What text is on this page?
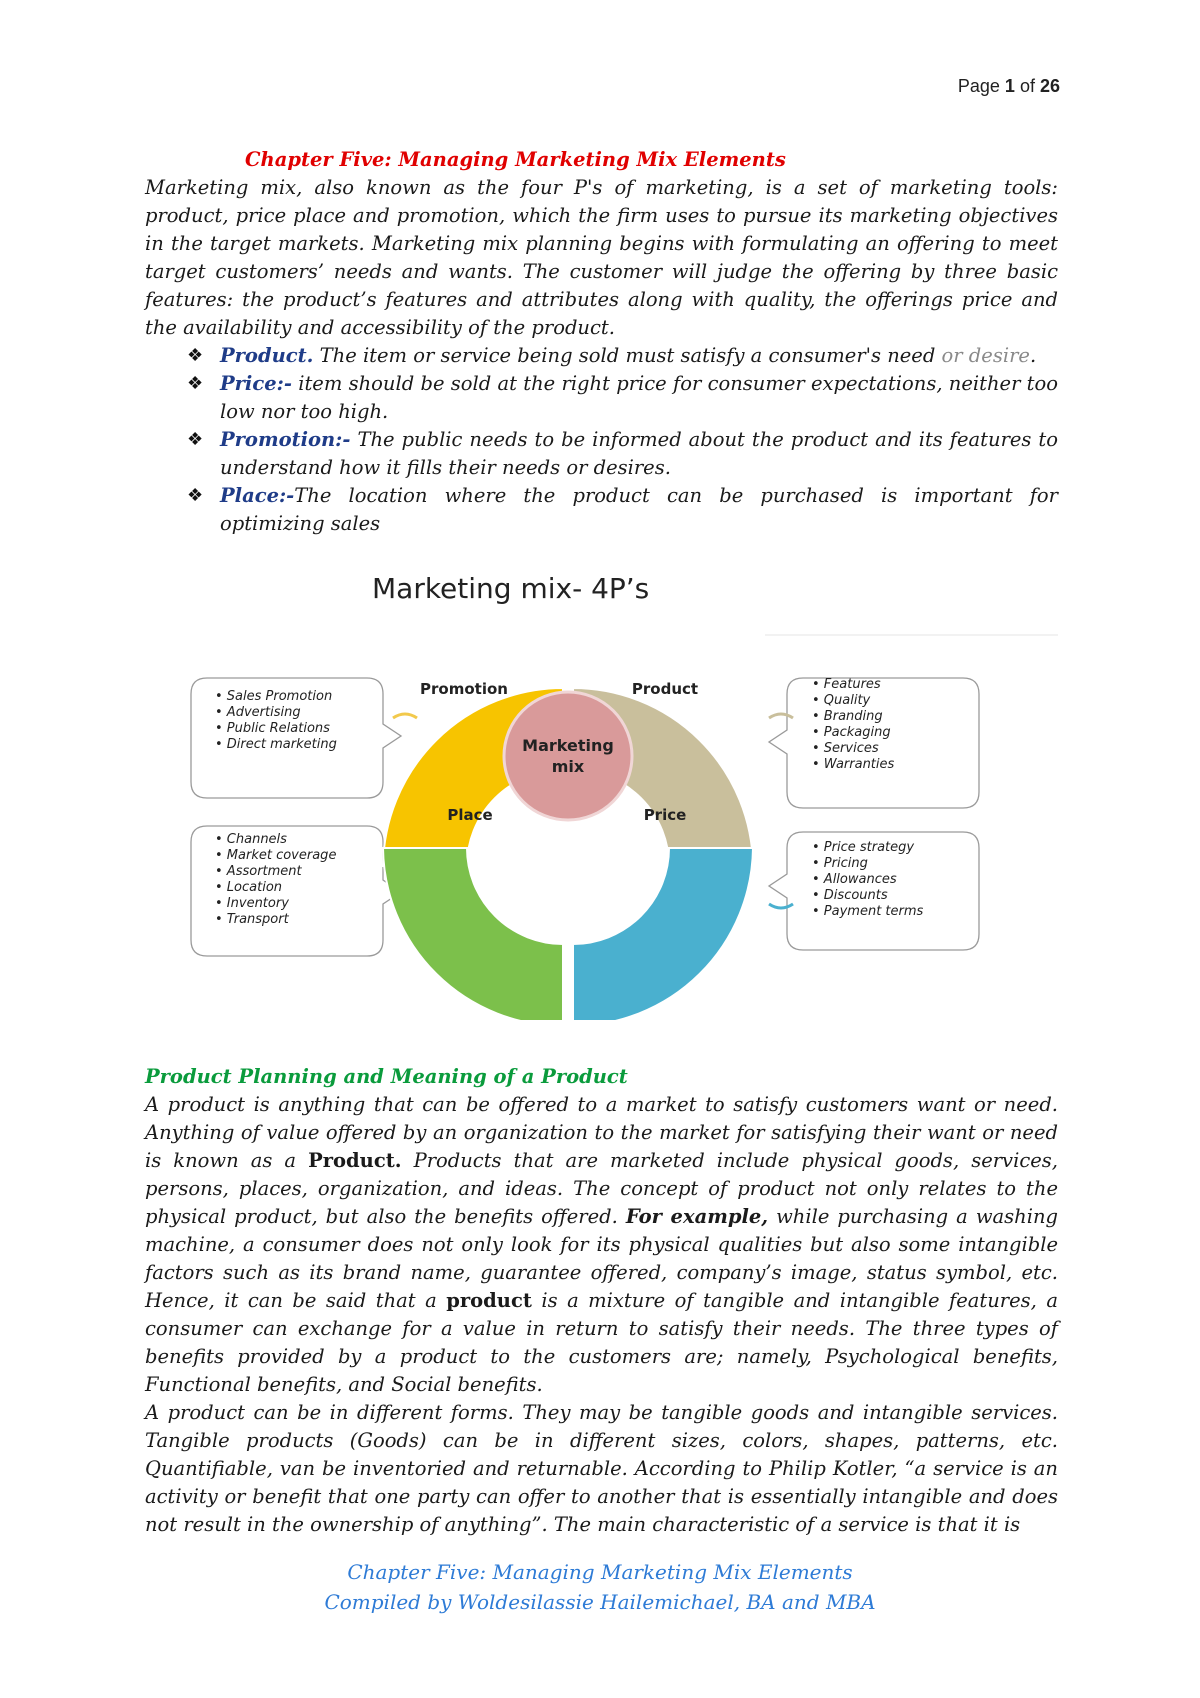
Page 1 of 26
Chapter Five: Managing Marketing Mix Elements

Marketing mix, also known as the four P's of marketing, is a set of marketing tools: product, price place and promotion, which the firm uses to pursue its marketing objectives in the target markets. Marketing mix planning begins with formulating an offering to meet target customers’ needs and wants. The customer will judge the offering by three basic features: the product’s features and attributes along with quality, the offerings price and the availability and accessibility of the product.

❖ Product. The item or service being sold must satisfy a consumer's need or desire.
❖ Price:- item should be sold at the right price for consumer expectations, neither too low nor too high.
❖ Promotion:- The public needs to be informed about the product and its features to understand how it fills their needs or desires.
❖ Place:-The location where the product can be purchased is important for optimizing sales
Marketing mix- 4P’s
Marketing
mix
Promotion	Product
Place	Price
• Sales Promotion
• Advertising
• Public Relations
• Direct marketing
• Features
• Quality
• Branding
• Packaging
• Services
• Warranties
• Channels
• Market coverage
• Assortment
• Location
• Inventory
• Transport
• Price strategy
• Pricing
• Allowances
• Discounts
• Payment terms
Product Planning and Meaning of a Product

A product is anything that can be offered to a market to satisfy customers want or need. Anything of value offered by an organization to the market for satisfying their want or need is known as a Product. Products that are marketed include physical goods, services, persons, places, organization, and ideas. The concept of product not only relates to the physical product, but also the benefits offered. For example, while purchasing a washing machine, a consumer does not only look for its physical qualities but also some intangible factors such as its brand name, guarantee offered, company’s image, status symbol, etc. Hence, it can be said that a product is a mixture of tangible and intangible features, a consumer can exchange for a value in return to satisfy their needs. The three types of benefits provided by a product to the customers are; namely, Psychological benefits, Functional benefits, and Social benefits.

A product can be in different forms. They may be tangible goods and intangible services. Tangible products (Goods) can be in different sizes, colors, shapes, patterns, etc. Quantifiable, van be inventoried and returnable. According to Philip Kotler, “a service is an activity or benefit that one party can offer to another that is essentially intangible and does not result in the ownership of anything”. The main characteristic of a service is that it is

Chapter Five: Managing Marketing Mix Elements
Compiled by Woldesilassie Hailemichael, BA and MBA
